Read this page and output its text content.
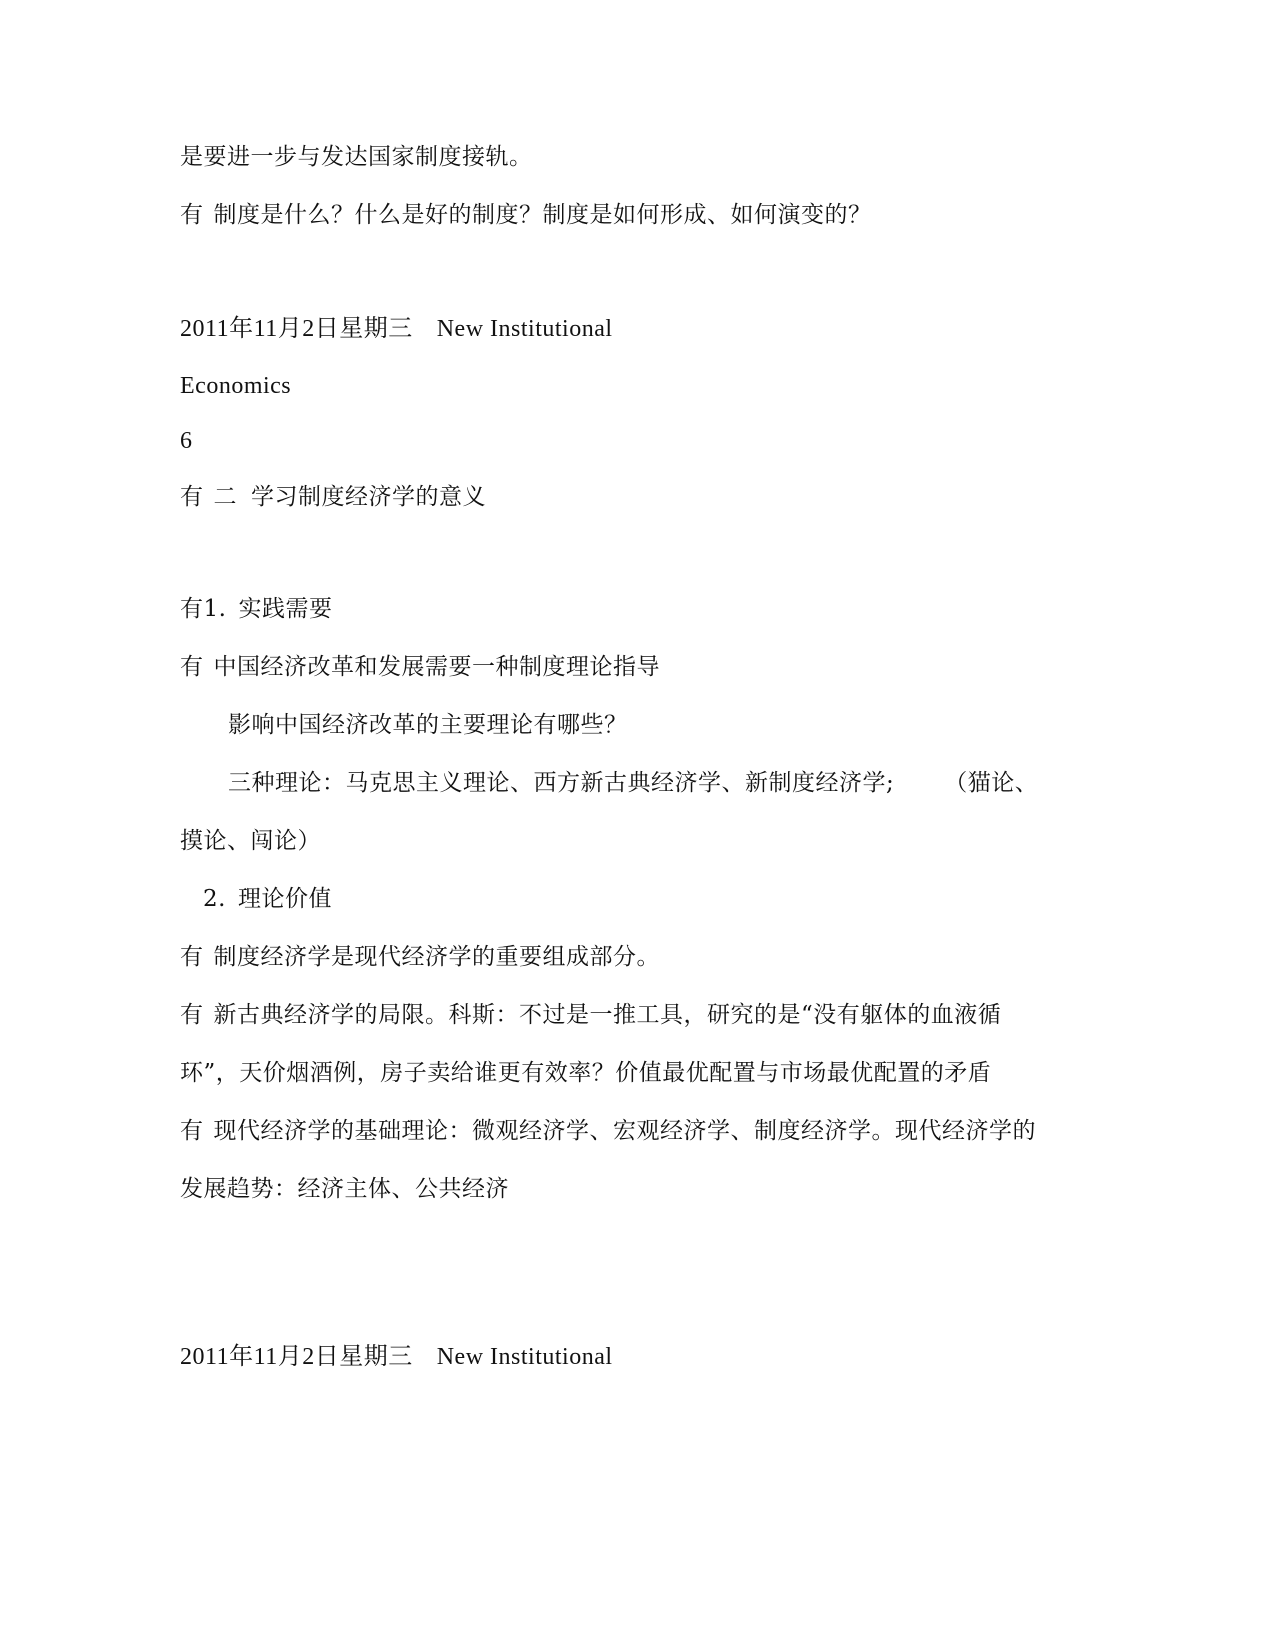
是要进一步与发达国家制度接轨。
有 制度是什么？什么是好的制度？制度是如何形成、如何演变的？
2011年11月2日星期三 New Institutional
Economics
6
有 二 学习制度经济学的意义
有1. 实践需要
有 中国经济改革和发展需要一种制度理论指导
影响中国经济改革的主要理论有哪些？
三种理论：马克思主义理论、西方新古典经济学、新制度经济学; （猫论、
摸论、闯论）
2. 理论价值
有 制度经济学是现代经济学的重要组成部分。
有 新古典经济学的局限。科斯：不过是一推工具，研究的是“没有躯体的血液循
环”，天价烟酒例，房子卖给谁更有效率？价值最优配置与市场最优配置的矛盾
有 现代经济学的基础理论：微观经济学、宏观经济学、制度经济学。现代经济学的
发展趋势：经济主体、公共经济
2011年11月2日星期三 New Institutional
